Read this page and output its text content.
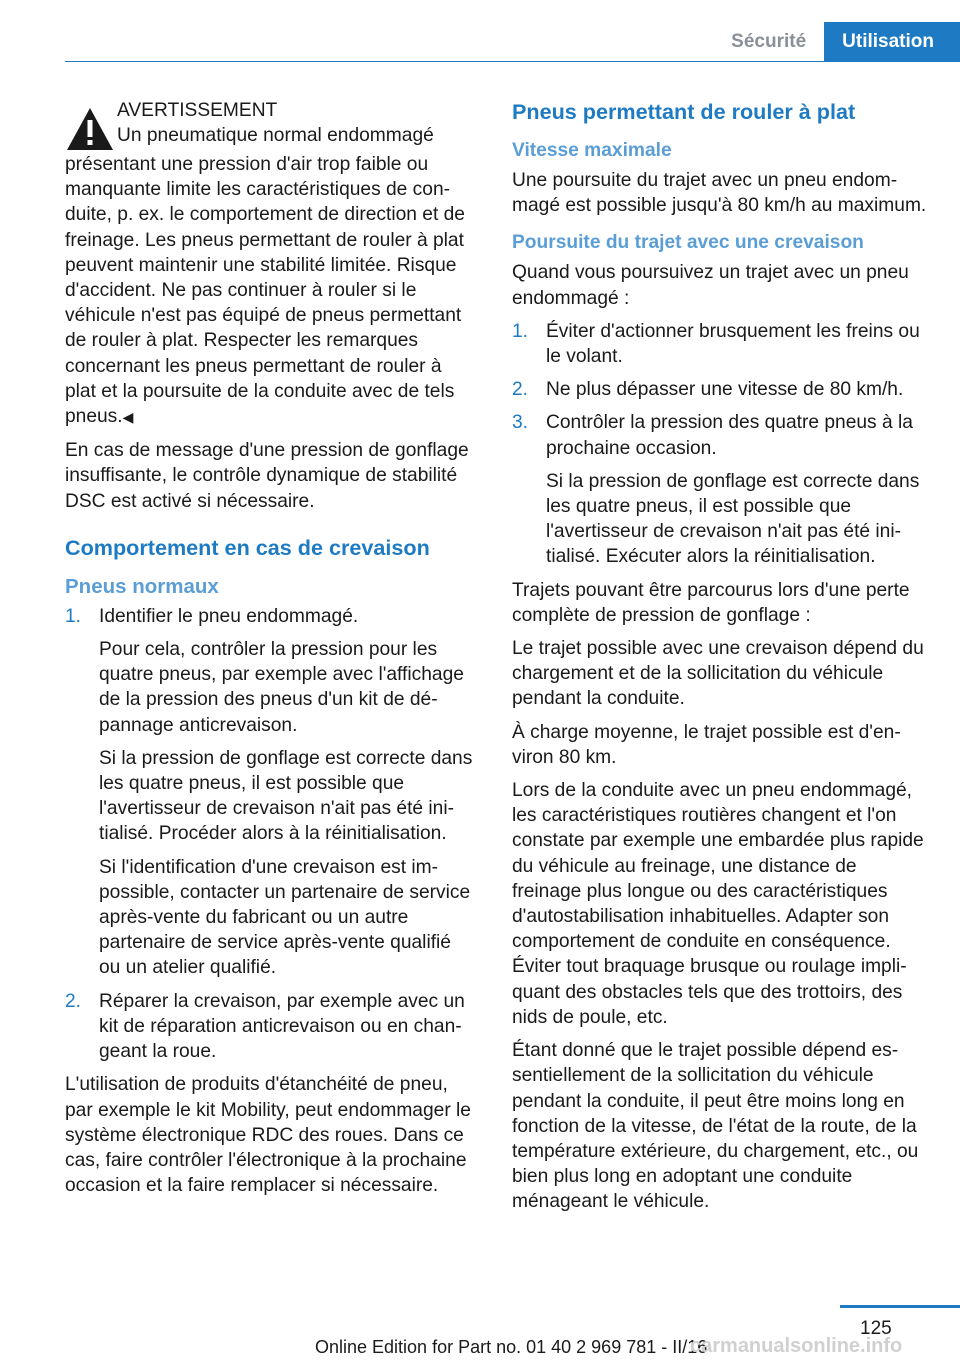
Sécurité	Utilisation
AVERTISSEMENT
Un pneumatique normal endommagé
présentant une pression d'air trop faible ou manquante limite les caractéristiques de conduite, p. ex. le comportement de direction et de freinage. Les pneus permettant de rouler à plat peuvent maintenir une stabilité limitée. Risque d'accident. Ne pas continuer à rouler si le véhicule n'est pas équipé de pneus permettant de rouler à plat. Respecter les remarques concernant les pneus permettant de rouler à plat et la poursuite de la conduite avec de tels pneus.◀

En cas de message d'une pression de gonflage insuffisante, le contrôle dynamique de stabilité DSC est activé si nécessaire.

Comportement en cas de crevaison
Pneus normaux
1. Identifier le pneu endommagé.

Pour cela, contrôler la pression pour les quatre pneus, par exemple avec l'affichage de la pression des pneus d'un kit de dépannage anticrevaison.

Si la pression de gonflage est correcte dans les quatre pneus, il est possible que l'avertisseur de crevaison n'ait pas été initialisé. Procéder alors à la réinitialisation.

Si l'identification d'une crevaison est impossible, contacter un partenaire de service après-vente du fabricant ou un autre partenaire de service après-vente qualifié ou un atelier qualifié.

2. Réparer la crevaison, par exemple avec un kit de réparation anticrevaison ou en changeant la roue.

L'utilisation de produits d'étanchéité de pneu, par exemple le kit Mobility, peut endommager le système électronique RDC des roues. Dans ce cas, faire contrôler l'électronique à la prochaine occasion et la faire remplacer si nécessaire.

Pneus permettant de rouler à plat
Vitesse maximale

Une poursuite du trajet avec un pneu endommagé est possible jusqu'à 80 km/h au maximum.

Poursuite du trajet avec une crevaison

Quand vous poursuivez un trajet avec un pneu endommagé :

1. Éviter d'actionner brusquement les freins ou le volant.

2. Ne plus dépasser une vitesse de 80 km/h.

3. Contrôler la pression des quatre pneus à la prochaine occasion.

Si la pression de gonflage est correcte dans les quatre pneus, il est possible que l'avertisseur de crevaison n'ait pas été initialisé. Exécuter alors la réinitialisation.

Trajets pouvant être parcourus lors d'une perte complète de pression de gonflage :

Le trajet possible avec une crevaison dépend du chargement et de la sollicitation du véhicule pendant la conduite.

À charge moyenne, le trajet possible est d'environ 80 km.

Lors de la conduite avec un pneu endommagé, les caractéristiques routières changent et l'on constate par exemple une embardée plus rapide du véhicule au freinage, une distance de freinage plus longue ou des caractéristiques d'autostabilisation inhabituelles. Adapter son comportement de conduite en conséquence. Éviter tout braquage brusque ou roulage impliquant des obstacles tels que des trottoirs, des nids de poule, etc.

Étant donné que le trajet possible dépend essentiellement de la sollicitation du véhicule pendant la conduite, il peut être moins long en fonction de la vitesse, de l'état de la route, de la température extérieure, du chargement, etc., ou bien plus long en adoptant une conduite ménageant le véhicule.

125
Online Edition for Part no. 01 40 2 969 781 - II/16
carmanualsonline.info
